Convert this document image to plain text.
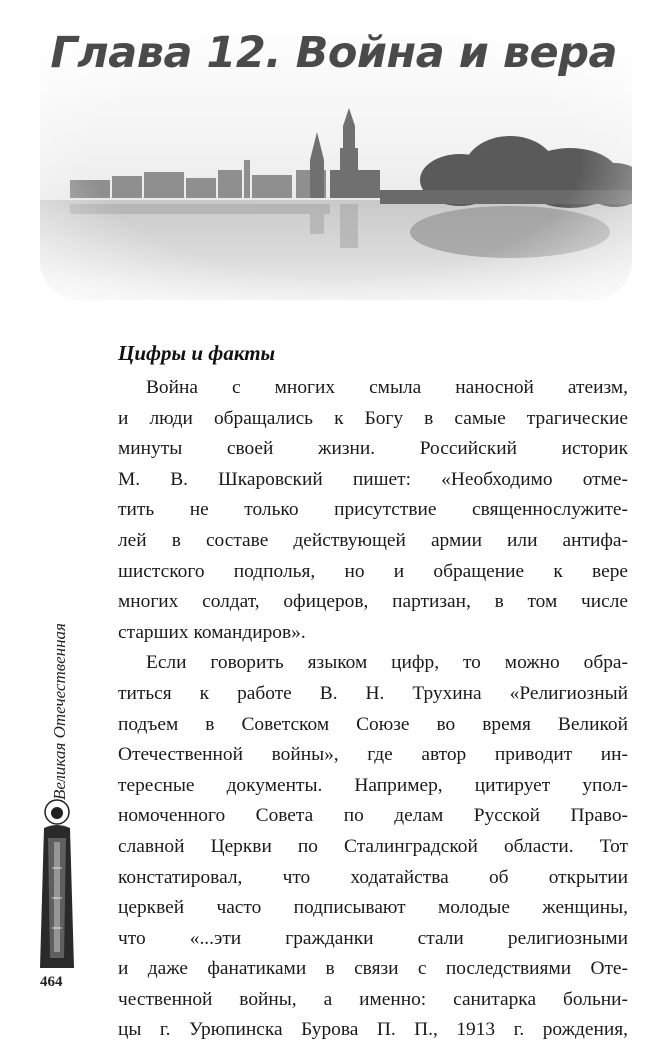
Глава 12. Война и вера
Цифры и факты
Война с многих смыла наносной атеизм,
и люди обращались к Богу в самые трагические
минуты своей жизни. Российский историк
М. В. Шкаровский пишет: «Необходимо отме-
тить не только присутствие священнослужите-
лей в составе действующей армии или антифа-
шистского подполья, но и обращение к вере
многих солдат, офицеров, партизан, в том числе
старших командиров».
Если говорить языком цифр, то можно обра-
титься к работе В. Н. Трухина «Религиозный
подъем в Советском Союзе во время Великой
Отечественной войны», где автор приводит ин-
тересные документы. Например, цитирует упол-
номоченного Совета по делам Русской Право-
славной Церкви по Сталинградской области. Тот
констатировал, что ходатайства об открытии
церквей часто подписывают молодые женщины,
что «...эти гражданки стали религиозными
и даже фанатиками в связи с последствиями Оте-
чественной войны, а именно: санитарка больни-
цы г. Урюпинска Бурова П. П., 1913 г. рождения,
Великая Отечественная
464
